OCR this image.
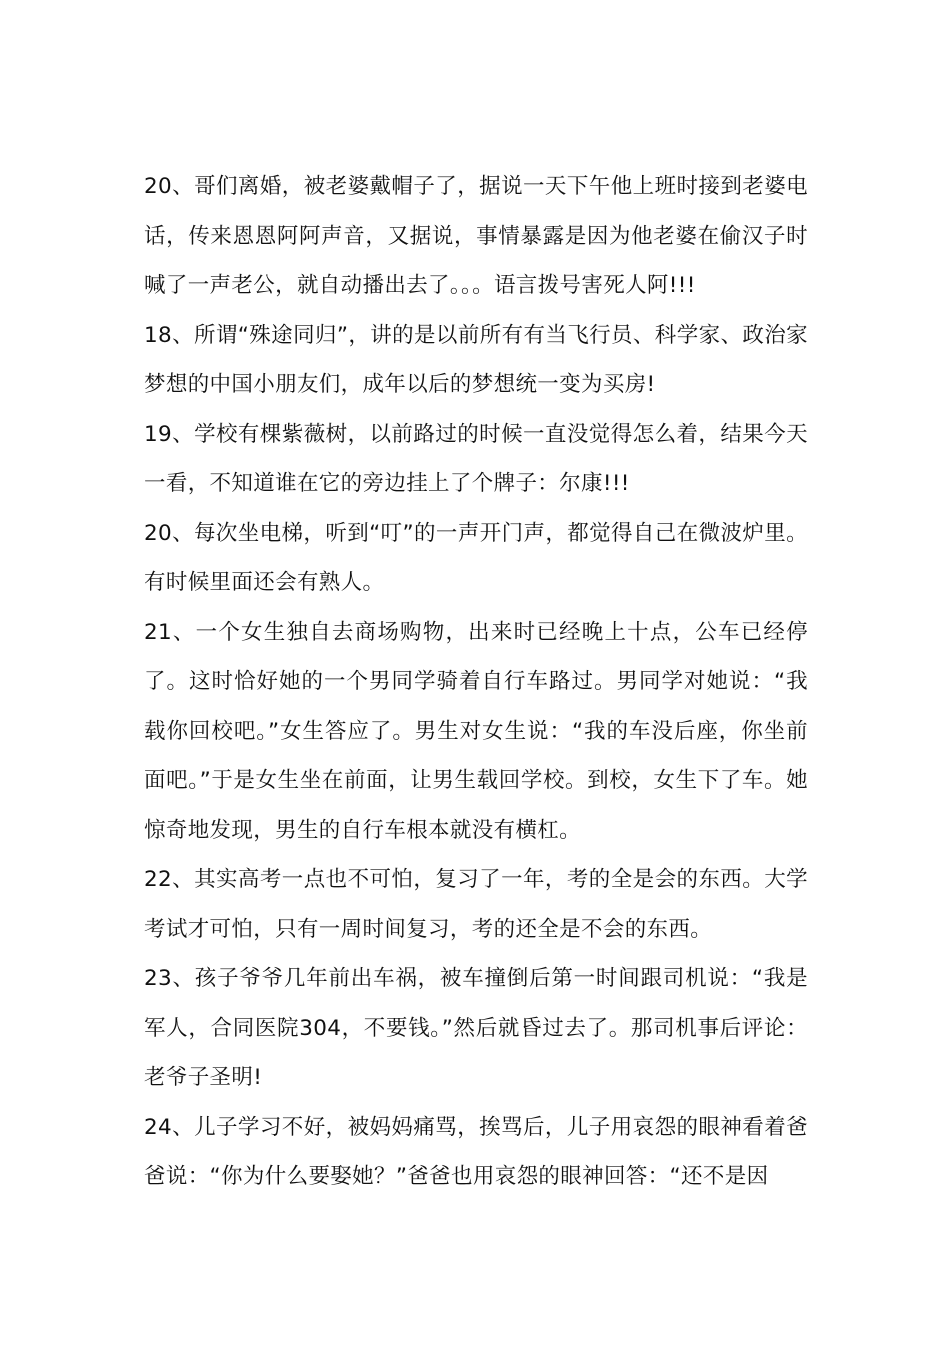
20、哥们离婚，被老婆戴帽子了，据说一天下午他上班时接到老婆电话，传来恩恩阿阿声音，又据说，事情暴露是因为他老婆在偷汉子时喊了一声老公，就自动播出去了。。。语言拨号害死人阿!!!

18、所谓“殊途同归”，讲的是以前所有有当飞行员、科学家、政治家梦想的中国小朋友们，成年以后的梦想统一变为买房!

19、学校有棵紫薇树，以前路过的时候一直没觉得怎么着，结果今天一看，不知道谁在它的旁边挂上了个牌子：尔康!!!

20、每次坐电梯，听到“叮”的一声开门声，都觉得自己在微波炉里。有时候里面还会有熟人。

21、一个女生独自去商场购物，出来时已经晚上十点，公车已经停了。这时恰好她的一个男同学骑着自行车路过。男同学对她说：“我载你回校吧。”女生答应了。男生对女生说：“我的车没后座，你坐前面吧。”于是女生坐在前面，让男生载回学校。到校，女生下了车。她惊奇地发现，男生的自行车根本就没有横杠。

22、其实高考一点也不可怕，复习了一年，考的全是会的东西。大学考试才可怕，只有一周时间复习，考的还全是不会的东西。

23、孩子爷爷几年前出车祸，被车撞倒后第一时间跟司机说：“我是军人，合同医院304，不要钱。”然后就昏过去了。那司机事后评论：老爷子圣明!

24、儿子学习不好，被妈妈痛骂，挨骂后，儿子用哀怨的眼神看着爸爸说：“你为什么要娶她？”爸爸也用哀怨的眼神回答：“还不是因
